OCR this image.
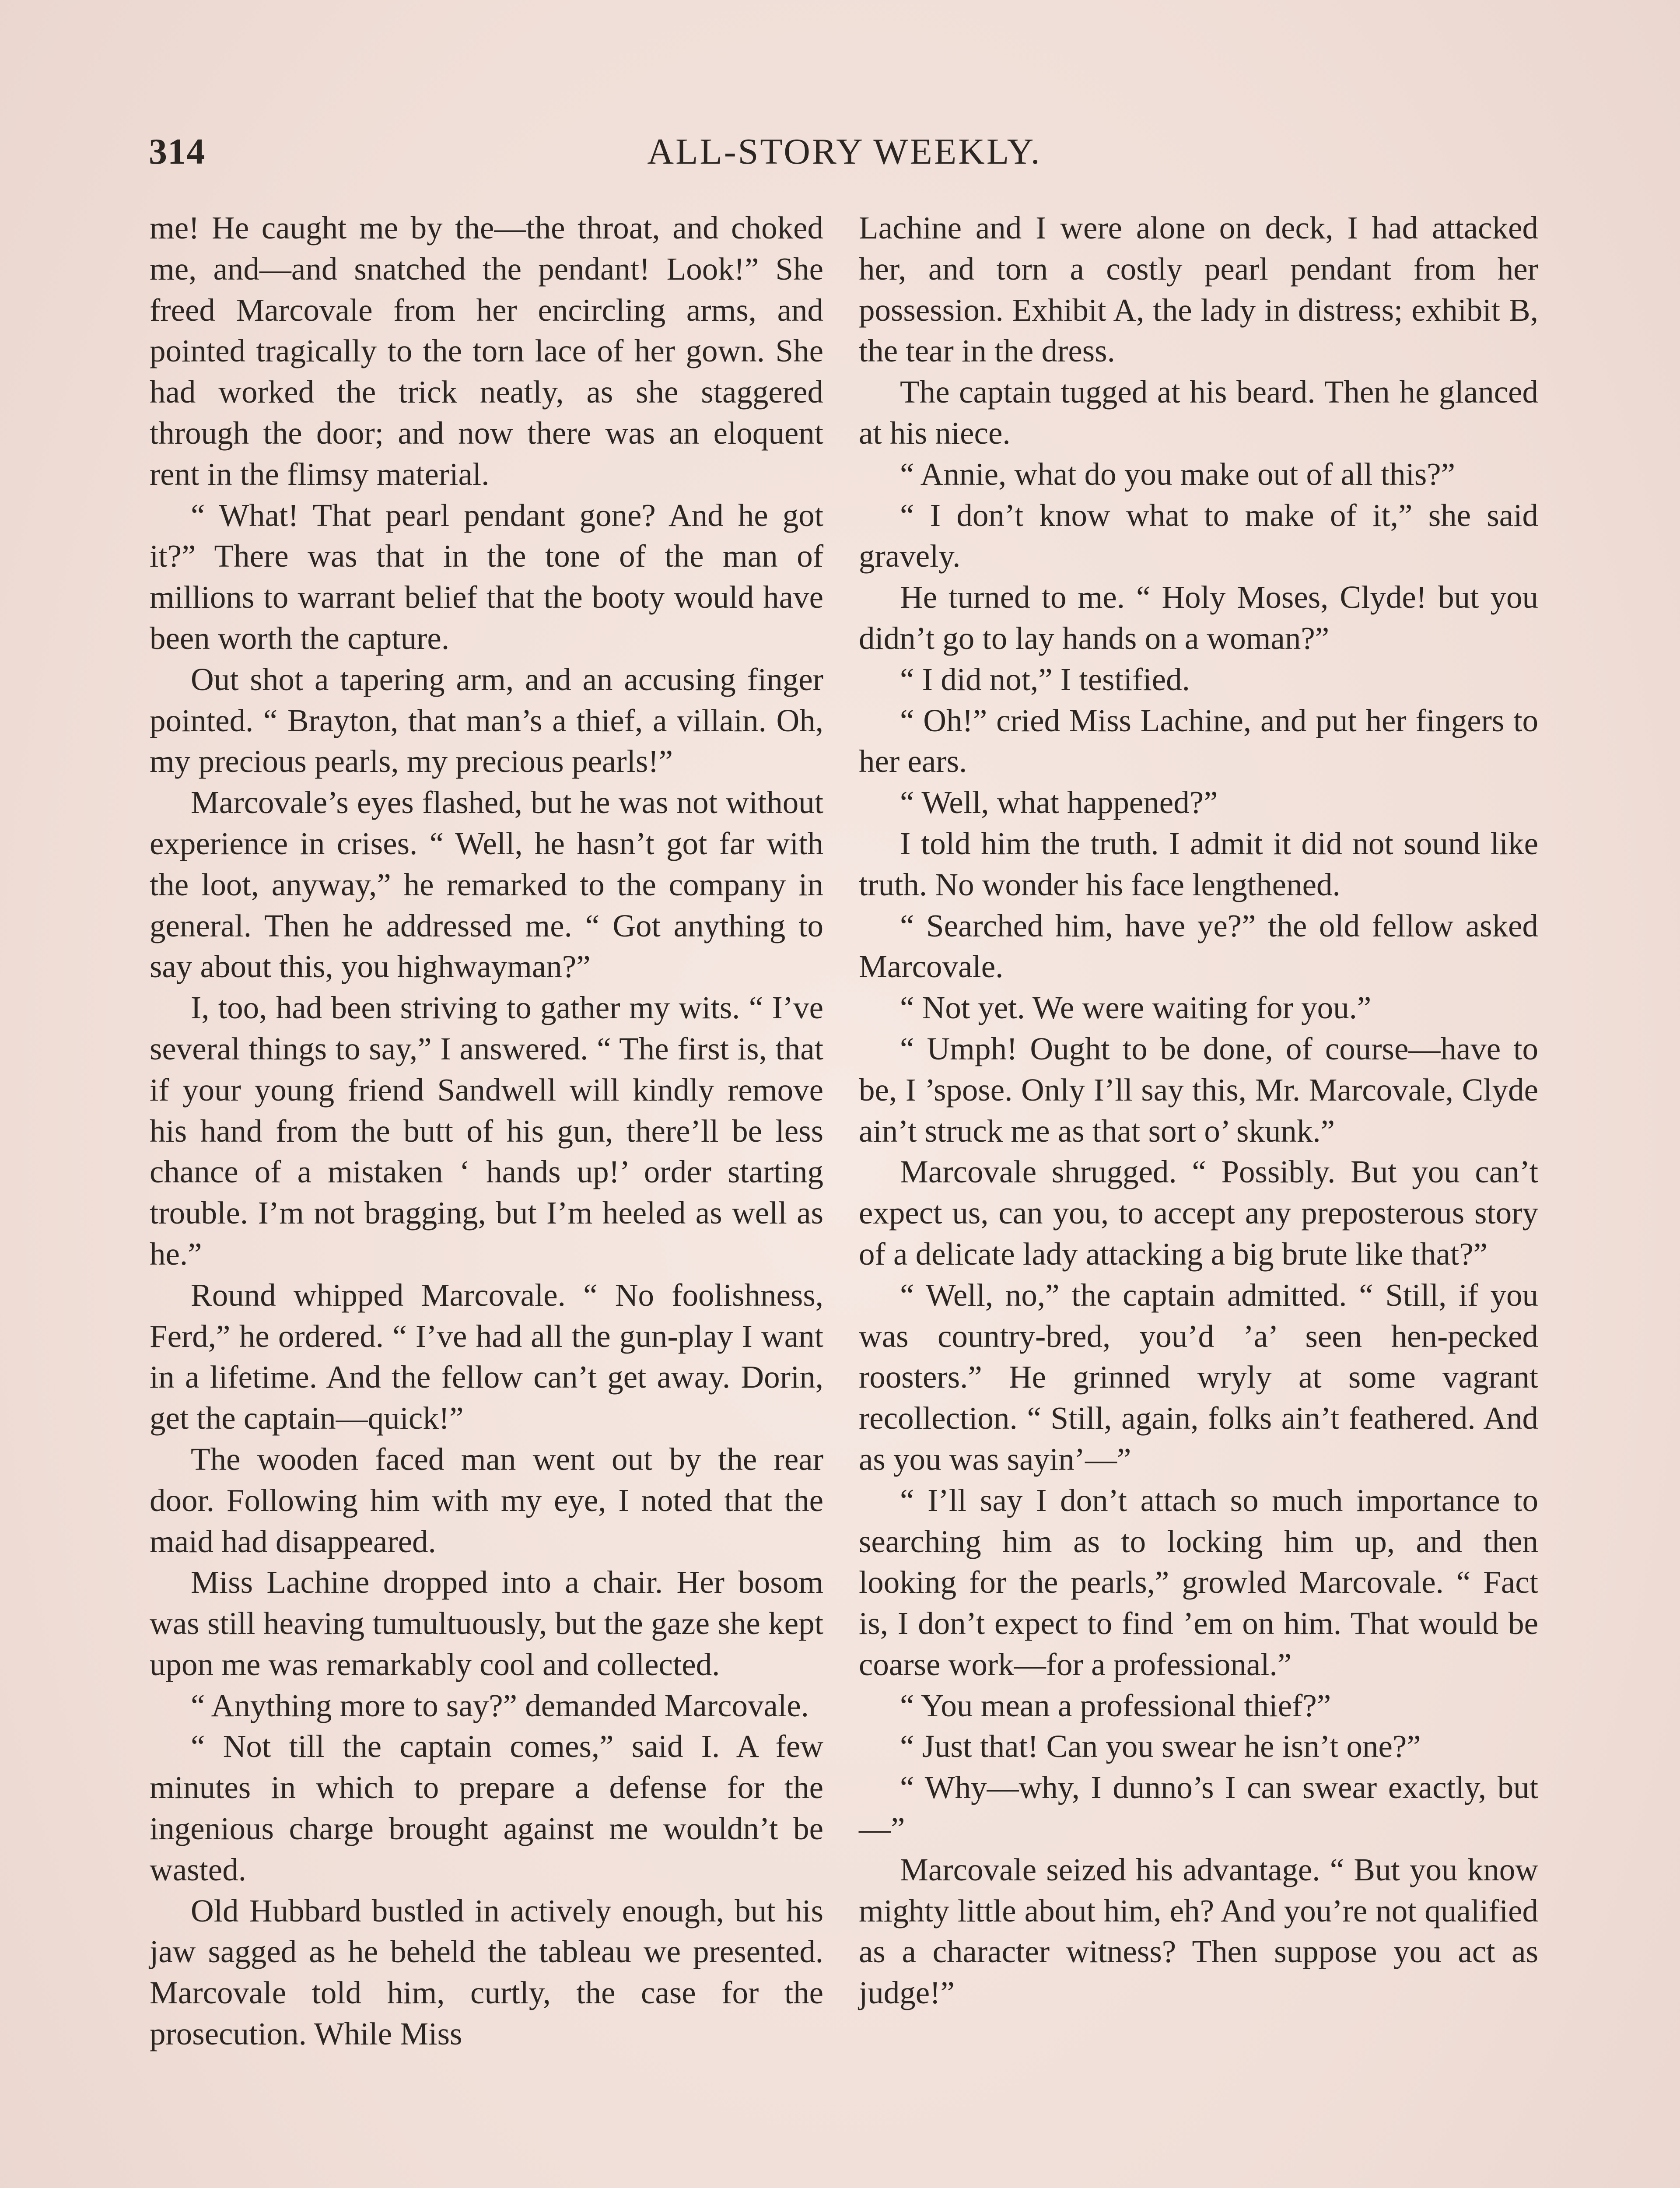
314	ALL-STORY WEEKLY.

me! He caught me by the—the throat, and choked me, and—and snatched the pendant! Look!” She freed Marcovale from her encircling arms, and pointed tragically to the torn lace of her gown. She had worked the trick neatly, as she staggered through the door; and now there was an eloquent rent in the flimsy material.

“ What! That pearl pendant gone? And he got it?” There was that in the tone of the man of millions to warrant belief that the booty would have been worth the capture.

Out shot a tapering arm, and an accusing finger pointed. “ Brayton, that man’s a thief, a villain. Oh, my precious pearls, my precious pearls!”

Marcovale’s eyes flashed, but he was not without experience in crises. “ Well, he hasn’t got far with the loot, anyway,” he remarked to the company in general. Then he addressed me. “ Got anything to say about this, you highwayman?”

I, too, had been striving to gather my wits. “ I’ve several things to say,” I answered. “ The first is, that if your young friend Sandwell will kindly remove his hand from the butt of his gun, there’ll be less chance of a mistaken ‘ hands up!’ order starting trouble. I’m not bragging, but I’m heeled as well as he.”

Round whipped Marcovale. “ No foolishness, Ferd,” he ordered. “ I’ve had all the gun-play I want in a lifetime. And the fellow can’t get away. Dorin, get the captain—quick!”

The wooden faced man went out by the rear door. Following him with my eye, I noted that the maid had disappeared.

Miss Lachine dropped into a chair. Her bosom was still heaving tumultuously, but the gaze she kept upon me was remarkably cool and collected.

“ Anything more to say?” demanded Marcovale.

“ Not till the captain comes,” said I. A few minutes in which to prepare a defense for the ingenious charge brought against me wouldn’t be wasted.

Old Hubbard bustled in actively enough, but his jaw sagged as he beheld the tableau we presented. Marcovale told him, curtly, the case for the prosecution. While Miss

Lachine and I were alone on deck, I had attacked her, and torn a costly pearl pendant from her possession. Exhibit A, the lady in distress; exhibit B, the tear in the dress.

The captain tugged at his beard. Then he glanced at his niece.

“ Annie, what do you make out of all this?”

“ I don’t know what to make of it,” she said gravely.

He turned to me. “ Holy Moses, Clyde! but you didn’t go to lay hands on a woman?”

“ I did not,” I testified.

“ Oh!” cried Miss Lachine, and put her fingers to her ears.

“ Well, what happened?”

I told him the truth. I admit it did not sound like truth. No wonder his face lengthened.

“ Searched him, have ye?” the old fellow asked Marcovale.

“ Not yet. We were waiting for you.”

“ Umph! Ought to be done, of course—have to be, I ’spose. Only I’ll say this, Mr. Marcovale, Clyde ain’t struck me as that sort o’ skunk.”

Marcovale shrugged. “ Possibly. But you can’t expect us, can you, to accept any preposterous story of a delicate lady attacking a big brute like that?”

“ Well, no,” the captain admitted. “ Still, if you was country-bred, you’d ’a’ seen hen-pecked roosters.” He grinned wryly at some vagrant recollection. “ Still, again, folks ain’t feathered. And as you was sayin’—”

“ I’ll say I don’t attach so much importance to searching him as to locking him up, and then looking for the pearls,” growled Marcovale. “ Fact is, I don’t expect to find ’em on him. That would be coarse work—for a professional.”

“ You mean a professional thief?”

“ Just that! Can you swear he isn’t one?”

“ Why—why, I dunno’s I can swear exactly, but—”

Marcovale seized his advantage. “ But you know mighty little about him, eh? And you’re not qualified as a character witness? Then suppose you act as judge!”
